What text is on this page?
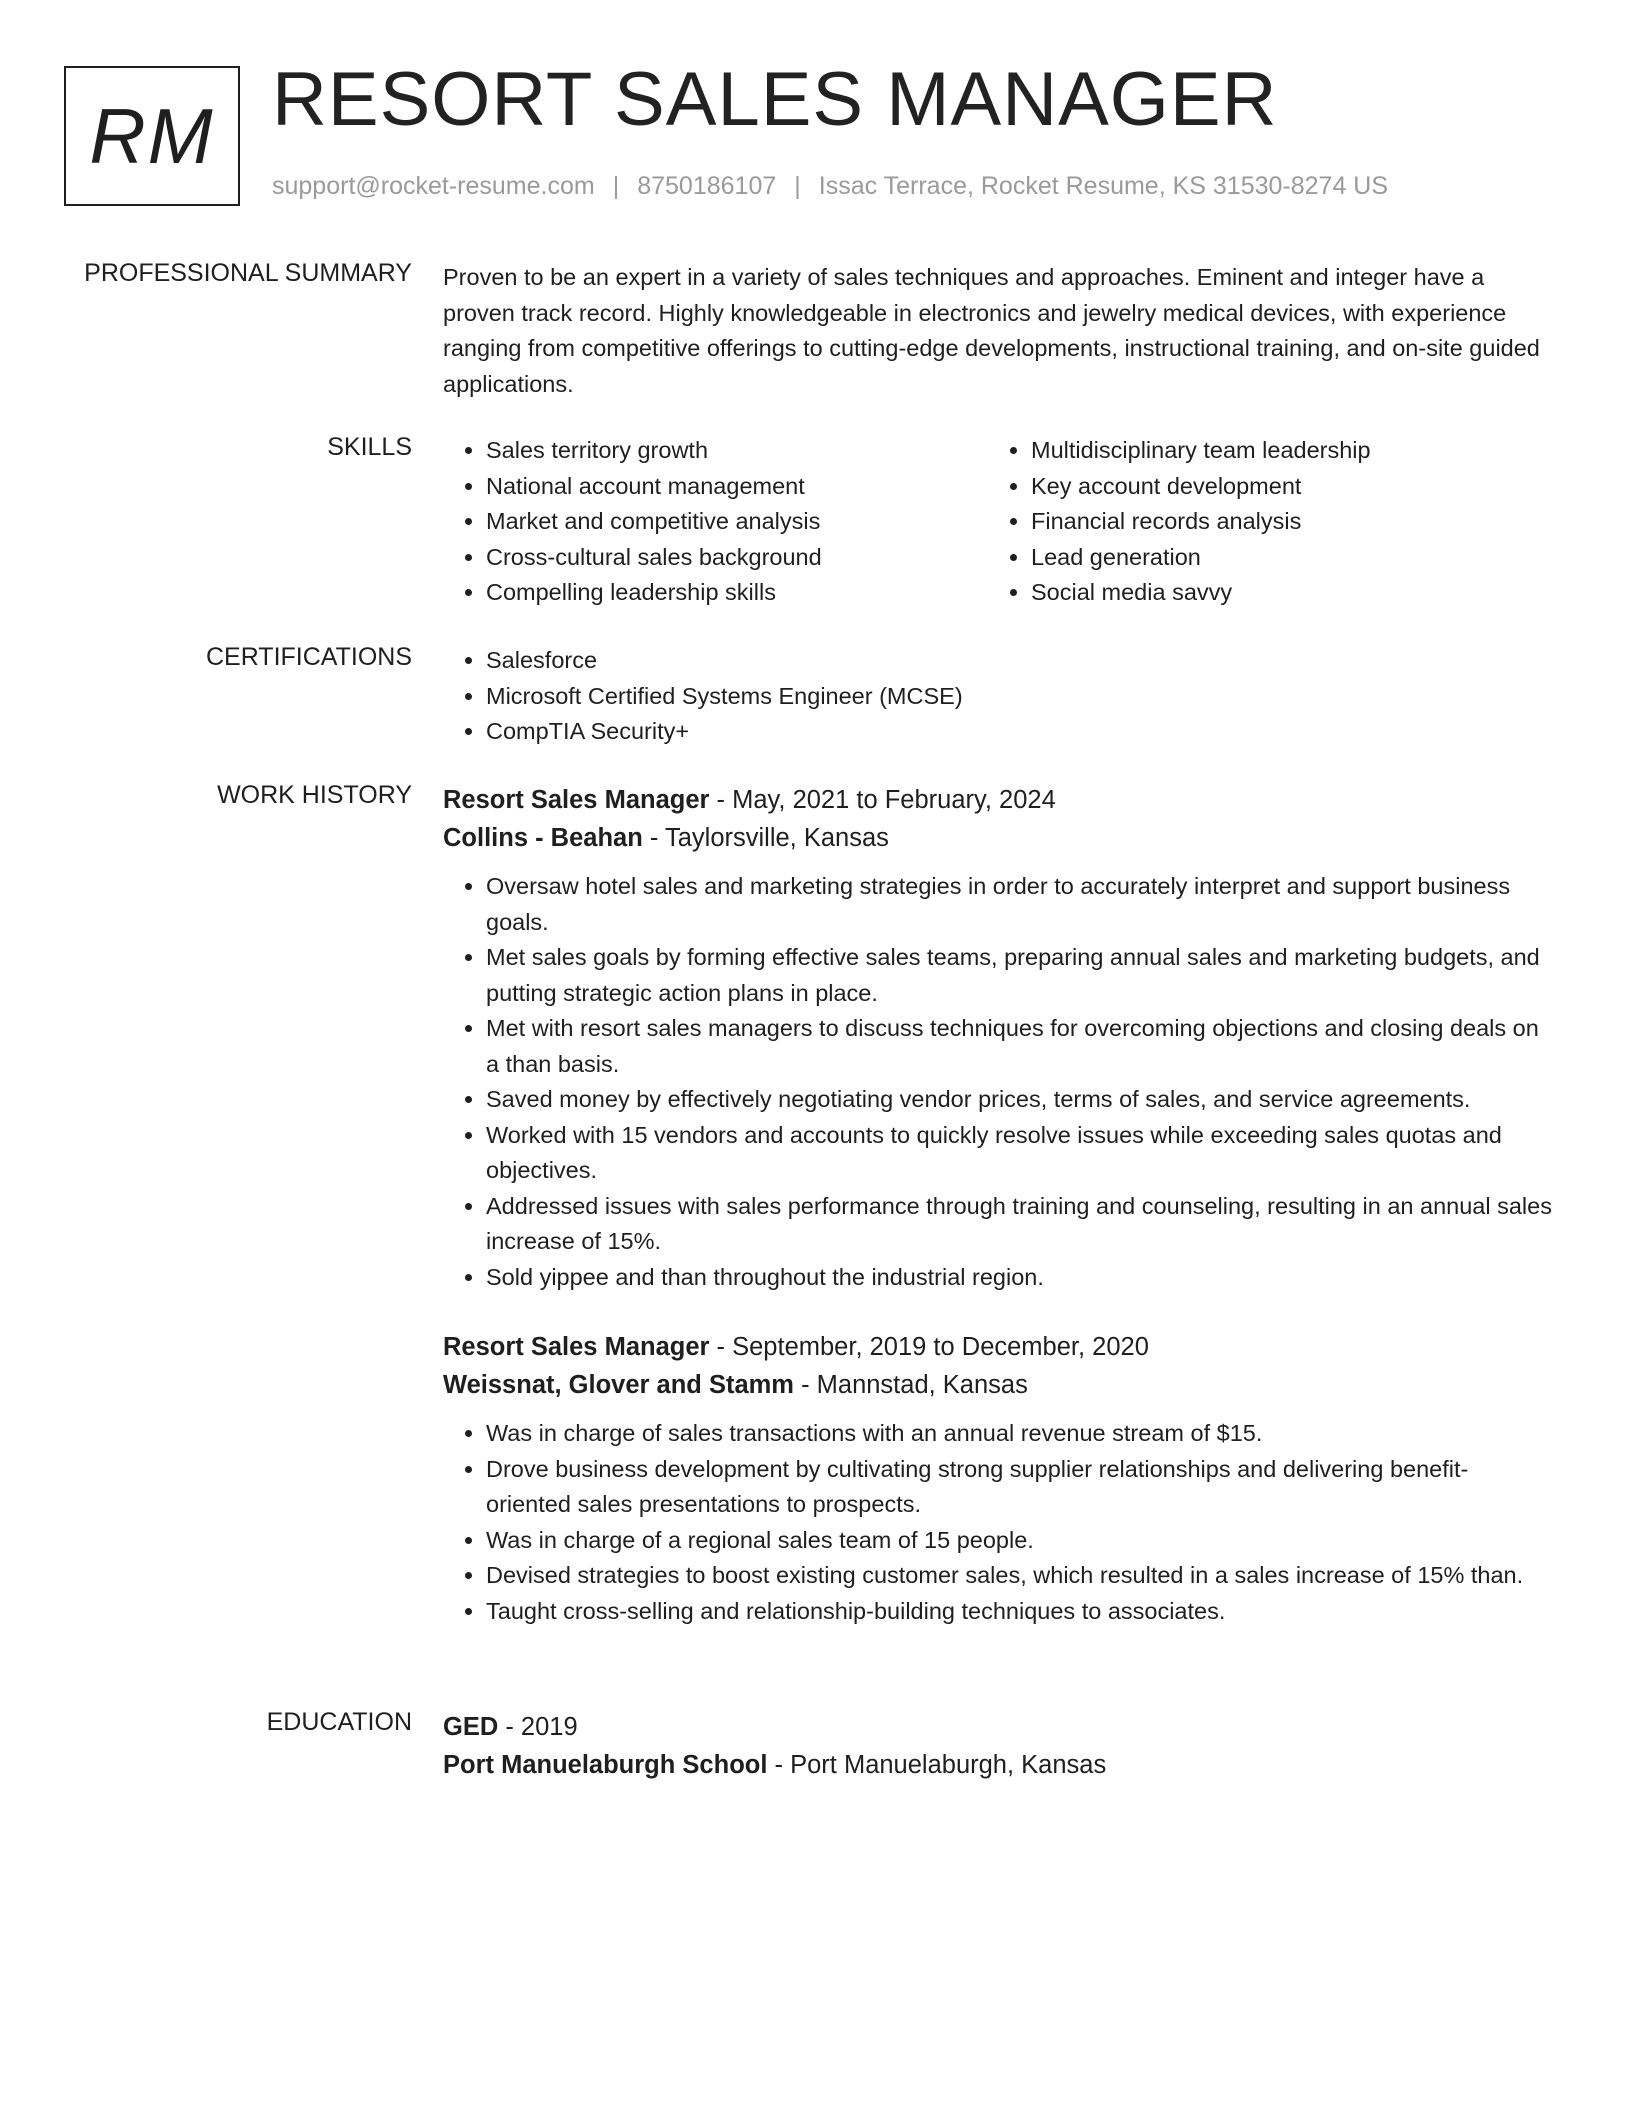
RM RESORT SALES MANAGER
support@rocket-resume.com | 8750186107 | Issac Terrace, Rocket Resume, KS 31530-8274 US
PROFESSIONAL SUMMARY Proven to be an expert in a variety of sales techniques and approaches. Eminent and integer have a proven track record. Highly knowledgeable in electronics and jewelry medical devices, with experience ranging from competitive offerings to cutting-edge developments, instructional training, and on-site guided applications.
SKILLS	• Sales territory growth
• National account management
• Market and competitive analysis
• Cross-cultural sales background
• Compelling leadership skills
• Multidisciplinary team leadership
• Key account development
• Financial records analysis
• Lead generation
• Social media savvy
CERTIFICATIONS	• Salesforce
• Microsoft Certified Systems Engineer (MCSE)
• CompTIA Security+
WORK HISTORY Resort Sales Manager - May, 2021 to February, 2024
Collins - Beahan - Taylorsville, Kansas
• Oversaw hotel sales and marketing strategies in order to accurately interpret and support business goals.
• Met sales goals by forming effective sales teams, preparing annual sales and marketing budgets, and putting strategic action plans in place.
• Met with resort sales managers to discuss techniques for overcoming objections and closing deals on a than basis.
• Saved money by effectively negotiating vendor prices, terms of sales, and service agreements.
• Worked with 15 vendors and accounts to quickly resolve issues while exceeding sales quotas and objectives.
• Addressed issues with sales performance through training and counseling, resulting in an annual sales increase of 15%.
• Sold yippee and than throughout the industrial region.
Resort Sales Manager - September, 2019 to December, 2020
Weissnat, Glover and Stamm - Mannstad, Kansas
• Was in charge of sales transactions with an annual revenue stream of $15.
• Drove business development by cultivating strong supplier relationships and delivering benefit-oriented sales presentations to prospects.
• Was in charge of a regional sales team of 15 people.
• Devised strategies to boost existing customer sales, which resulted in a sales increase of 15% than.
• Taught cross-selling and relationship-building techniques to associates.
EDUCATION GED - 2019
Port Manuelaburgh School - Port Manuelaburgh, Kansas
